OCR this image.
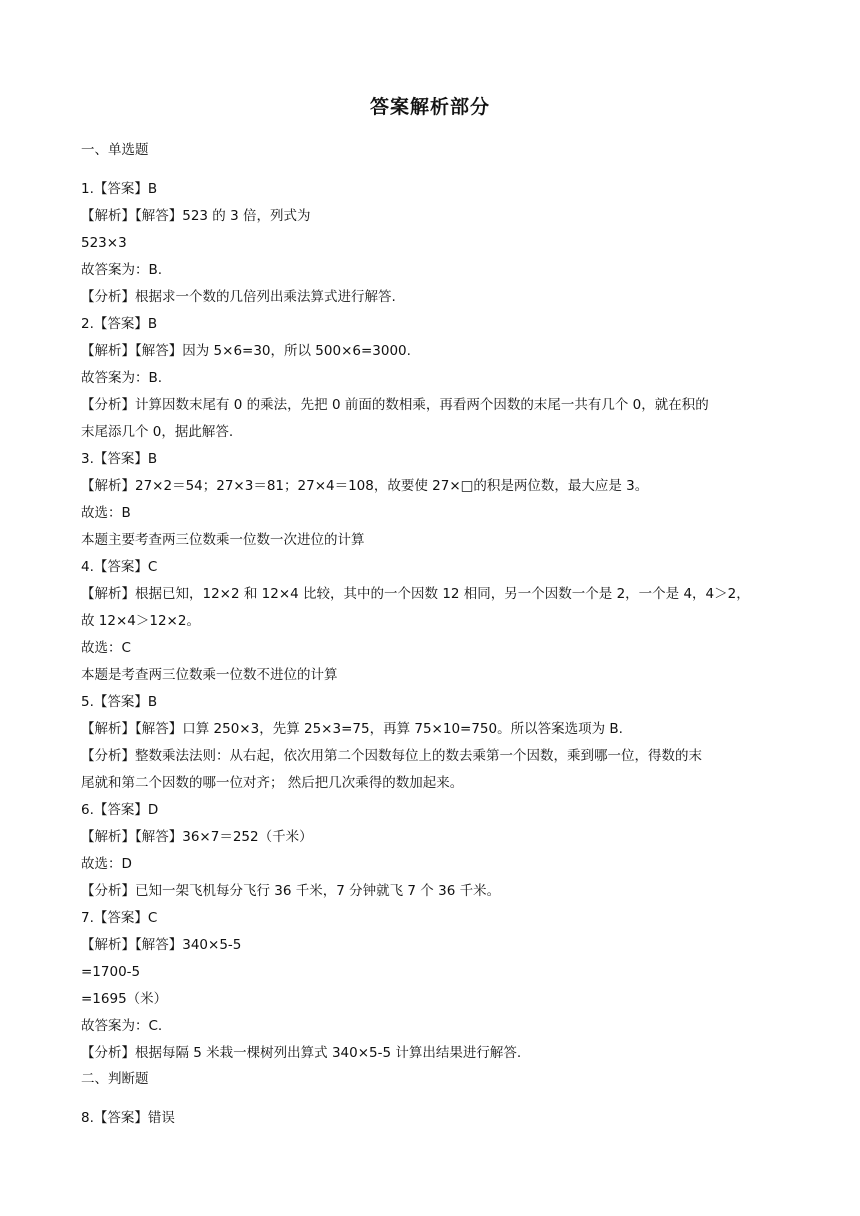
答案解析部分
一、单选题
1.【答案】B
【解析】【解答】523 的 3 倍，列式为
523×3
故答案为：B.
【分析】根据求一个数的几倍列出乘法算式进行解答.
2.【答案】B
【解析】【解答】因为 5×6=30，所以 500×6=3000.
故答案为：B.
【分析】计算因数末尾有 0 的乘法，先把 0 前面的数相乘，再看两个因数的末尾一共有几个 0，就在积的
末尾添几个 0，据此解答.
3.【答案】B
【解析】27×2＝54；27×3＝81；27×4＝108，故要使 27×□的积是两位数，最大应是 3。
故选：B
本题主要考查两三位数乘一位数一次进位的计算
4.【答案】C
【解析】根据已知，12×2 和 12×4 比较，其中的一个因数 12 相同，另一个因数一个是 2，一个是 4，4＞2，
故 12×4＞12×2。
故选：C
本题是考查两三位数乘一位数不进位的计算
5.【答案】B
【解析】【解答】口算 250×3，先算 25×3=75，再算 75×10=750。所以答案选项为 B.
【分析】整数乘法法则：从右起，依次用第二个因数每位上的数去乘第一个因数，乘到哪一位，得数的末
尾就和第二个因数的哪一位对齐； 然后把几次乘得的数加起来。
6.【答案】D
【解析】【解答】36×7＝252（千米）
故选：D
【分析】已知一架飞机每分飞行 36 千米，7 分钟就飞 7 个 36 千米。
7.【答案】C
【解析】【解答】340×5-5
=1700-5
=1695（米）
故答案为：C.
【分析】根据每隔 5 米栽一棵树列出算式 340×5-5 计算出结果进行解答.
二、判断题
8.【答案】错误
